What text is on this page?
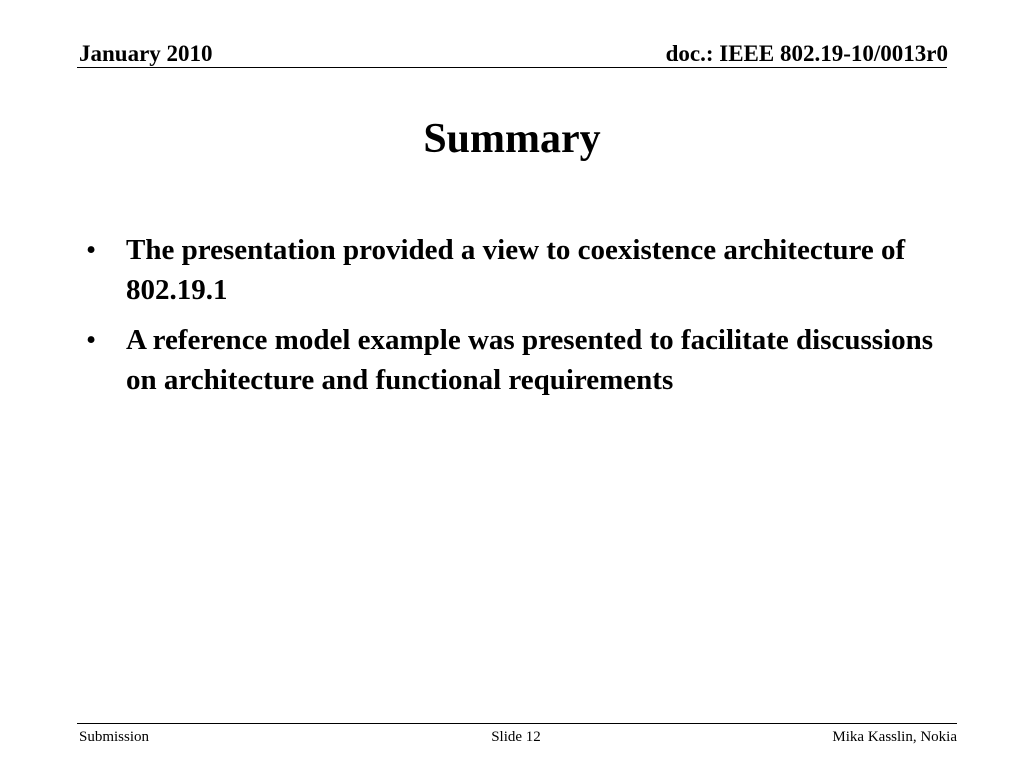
January 2010	doc.: IEEE 802.19-10/0013r0
Summary
• The presentation provided a view to coexistence architecture of 802.19.1
• A reference model example was presented to facilitate discussions on architecture and functional requirements
Submission	Slide 12	Mika Kasslin, Nokia
